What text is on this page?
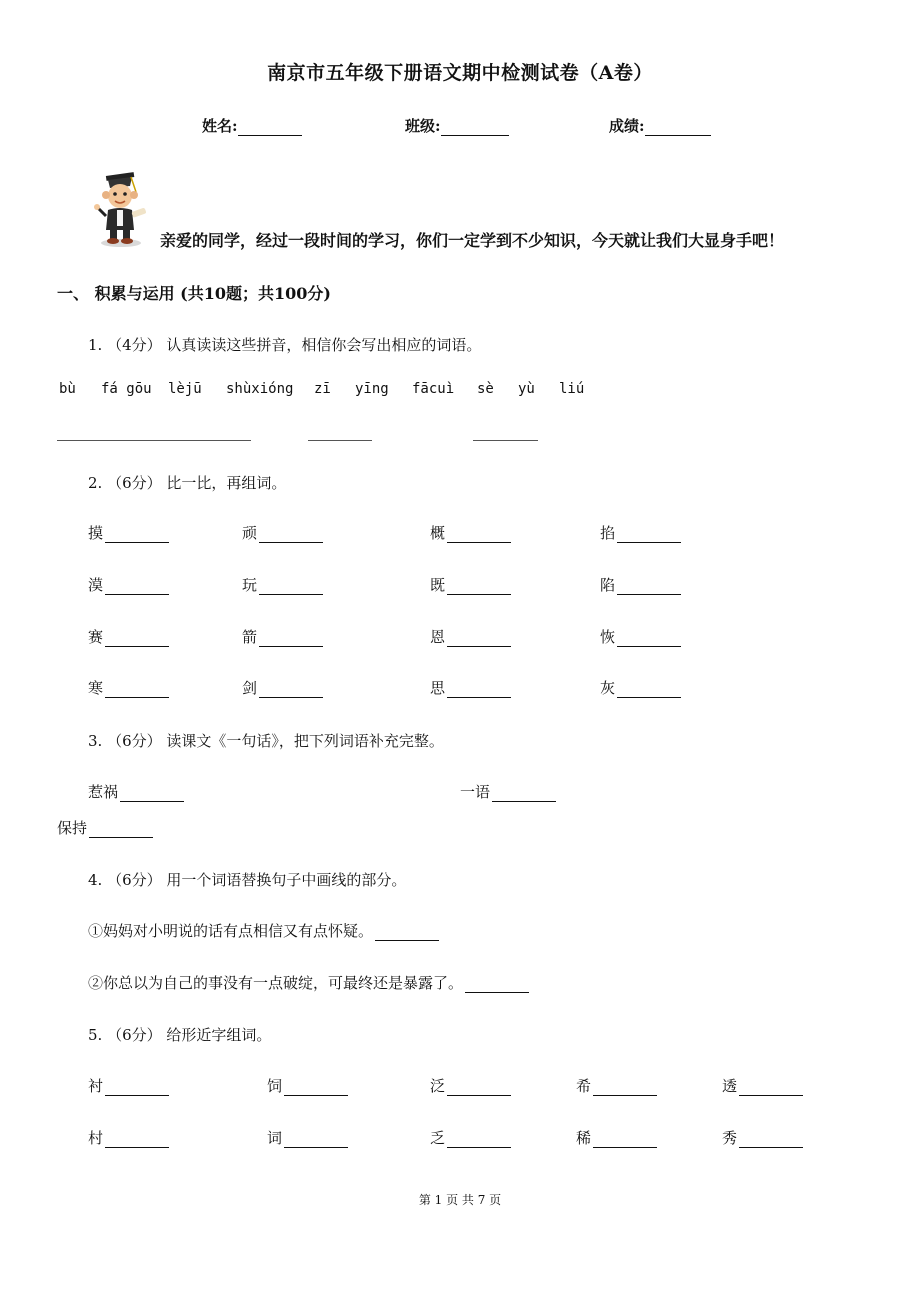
南京市五年级下册语文期中检测试卷（A卷）
姓名:	班级:	成绩:
亲爱的同学，经过一段时间的学习，你们一定学到不少知识，今天就让我们大显身手吧！
一、 积累与运用 (共10题；共100分)
1. （4分） 认真读读这些拼音，相信你会写出相应的词语。
bù fá gōu lèjū shùxióng zī yīng fācuì sè yù liú
2. （6分） 比一比，再组词。
摸	顽	概	掐
漠	玩	既	陷
赛	箭	恩	恢
寒	剑	思	灰
3. （6分） 读课文《一句话》，把下列词语补充完整。
惹祸	一语
保持
4. （6分） 用一个词语替换句子中画线的部分。
①妈妈对小明说的话有点相信又有点怀疑。
②你总以为自己的事没有一点破绽，可最终还是暴露了。
5. （6分） 给形近字组词。
衬	饲	泛	希	透
村	词	乏	稀	秀
第 1 页 共 7 页
